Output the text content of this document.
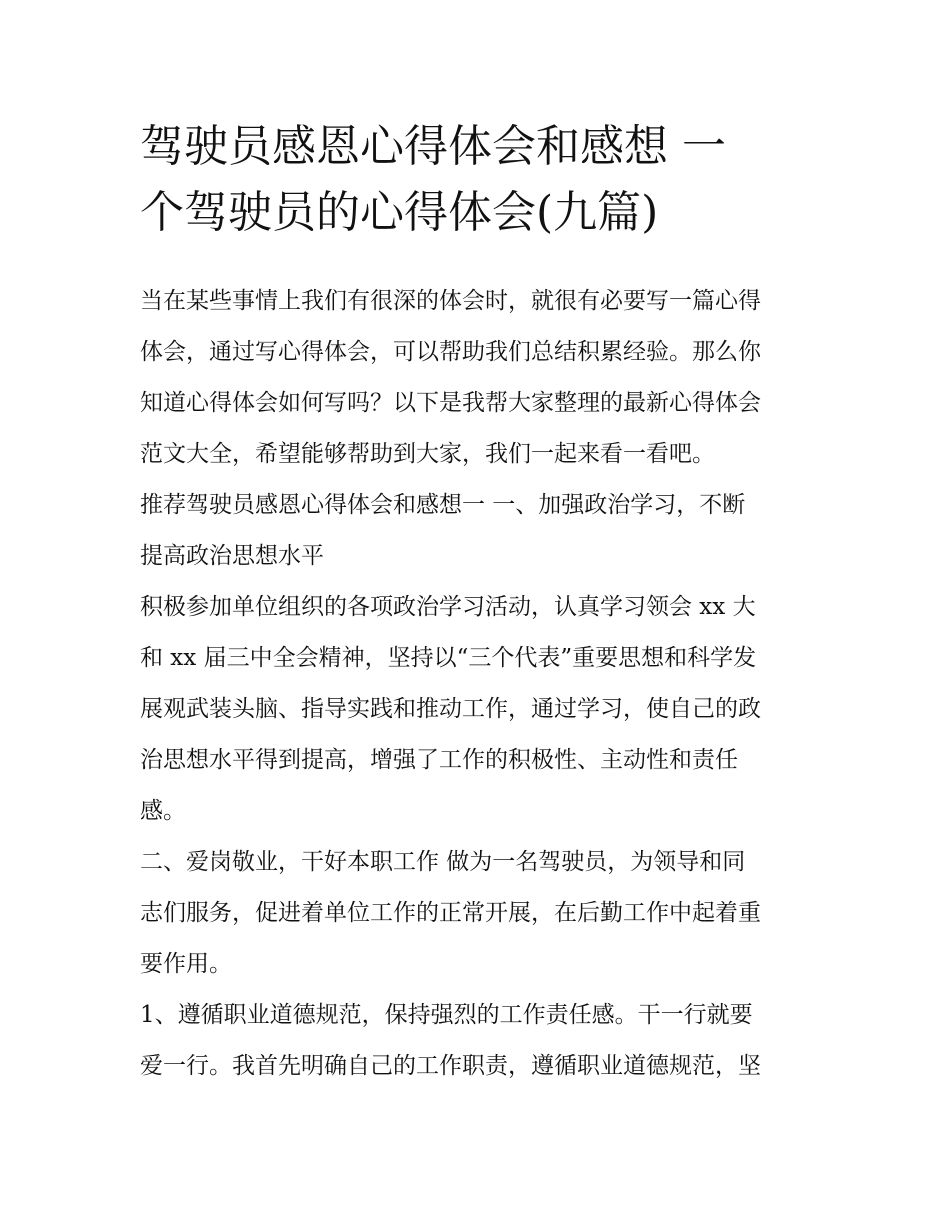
驾驶员感恩心得体会和感想 一
个驾驶员的心得体会(九篇)
当在某些事情上我们有很深的体会时，就很有必要写一篇心得
体会，通过写心得体会，可以帮助我们总结积累经验。那么你
知道心得体会如何写吗？以下是我帮大家整理的最新心得体会
范文大全，希望能够帮助到大家，我们一起来看一看吧。
推荐驾驶员感恩心得体会和感想一 一、加强政治学习，不断
提高政治思想水平
积极参加单位组织的各项政治学习活动，认真学习领会 xx 大
和 xx 届三中全会精神，坚持以“三个代表”重要思想和科学发
展观武装头脑、指导实践和推动工作，通过学习，使自己的政
治思想水平得到提高，增强了工作的积极性、主动性和责任
感。
二、爱岗敬业，干好本职工作 做为一名驾驶员，为领导和同
志们服务，促进着单位工作的正常开展，在后勤工作中起着重
要作用。
1、遵循职业道德规范，保持强烈的工作责任感。干一行就要
爱一行。我首先明确自己的工作职责，遵循职业道德规范，坚
